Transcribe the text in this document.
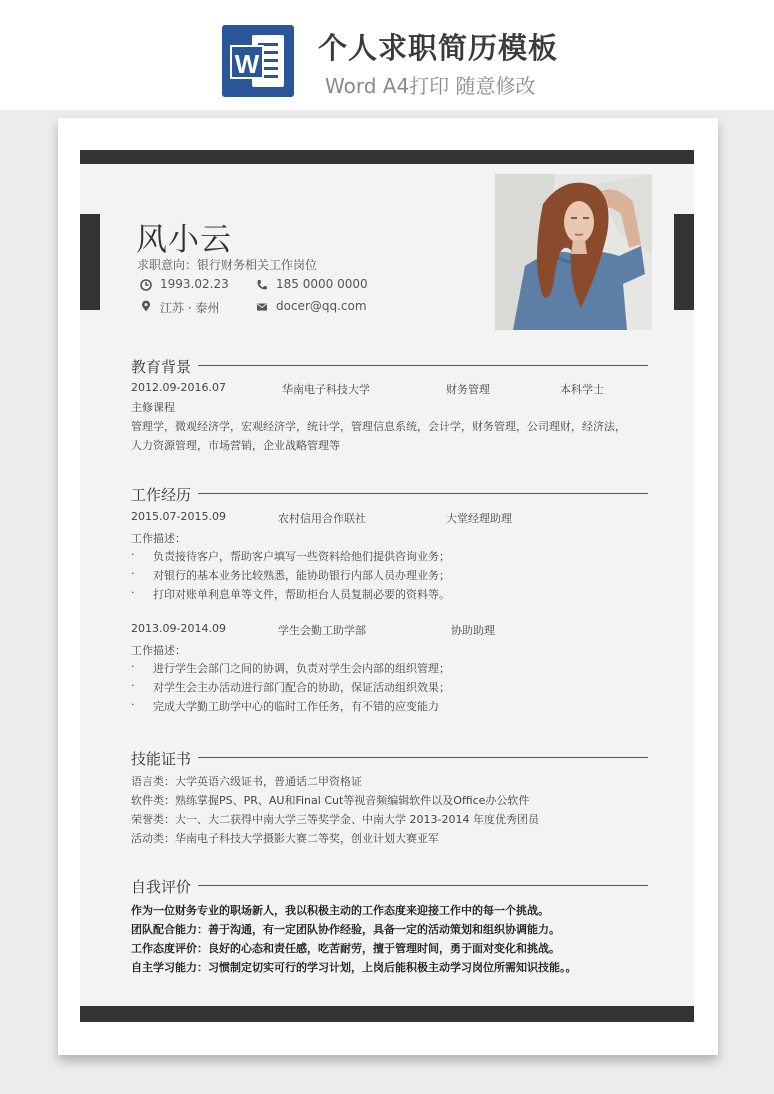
W 个人求职简历模板
Word A4打印 随意修改
风小云
求职意向：银行财务相关工作岗位
1993.02.23	185 0000 0000
江苏 · 泰州	docer@qq.com
教育背景
2012.09-2016.07	华南电子科技大学	财务管理	本科学士
主修课程
管理学，微观经济学，宏观经济学，统计学，管理信息系统，会计学，财务管理，公司理财，经济法，
人力资源管理，市场营销，企业战略管理等
工作经历
2015.07-2015.09	农村信用合作联社	大堂经理助理
工作描述：
· 负责接待客户，帮助客户填写一些资料给他们提供咨询业务；
· 对银行的基本业务比较熟悉，能协助银行内部人员办理业务；
· 打印对账单利息单等文件，帮助柜台人员复制必要的资料等。
2013.09-2014.09	学生会勤工助学部	协助助理
工作描述：
· 进行学生会部门之间的协调，负责对学生会内部的组织管理；
· 对学生会主办活动进行部门配合的协助，保证活动组织效果；
· 完成大学勤工助学中心的临时工作任务，有不错的应变能力
技能证书
语言类：大学英语六级证书，普通话二甲资格证
软件类：熟练掌握PS、PR、AU和Final Cut等视音频编辑软件以及Office办公软件
荣誉类：大一、大二获得中南大学三等奖学金、中南大学 2013-2014 年度优秀团员
活动类：华南电子科技大学摄影大赛二等奖，创业计划大赛亚军
自我评价
作为一位财务专业的职场新人，我以积极主动的工作态度来迎接工作中的每一个挑战。
团队配合能力：善于沟通，有一定团队协作经验，具备一定的活动策划和组织协调能力。
工作态度评价：良好的心态和责任感，吃苦耐劳，擅于管理时间，勇于面对变化和挑战。
自主学习能力：习惯制定切实可行的学习计划，上岗后能积极主动学习岗位所需知识技能。。
